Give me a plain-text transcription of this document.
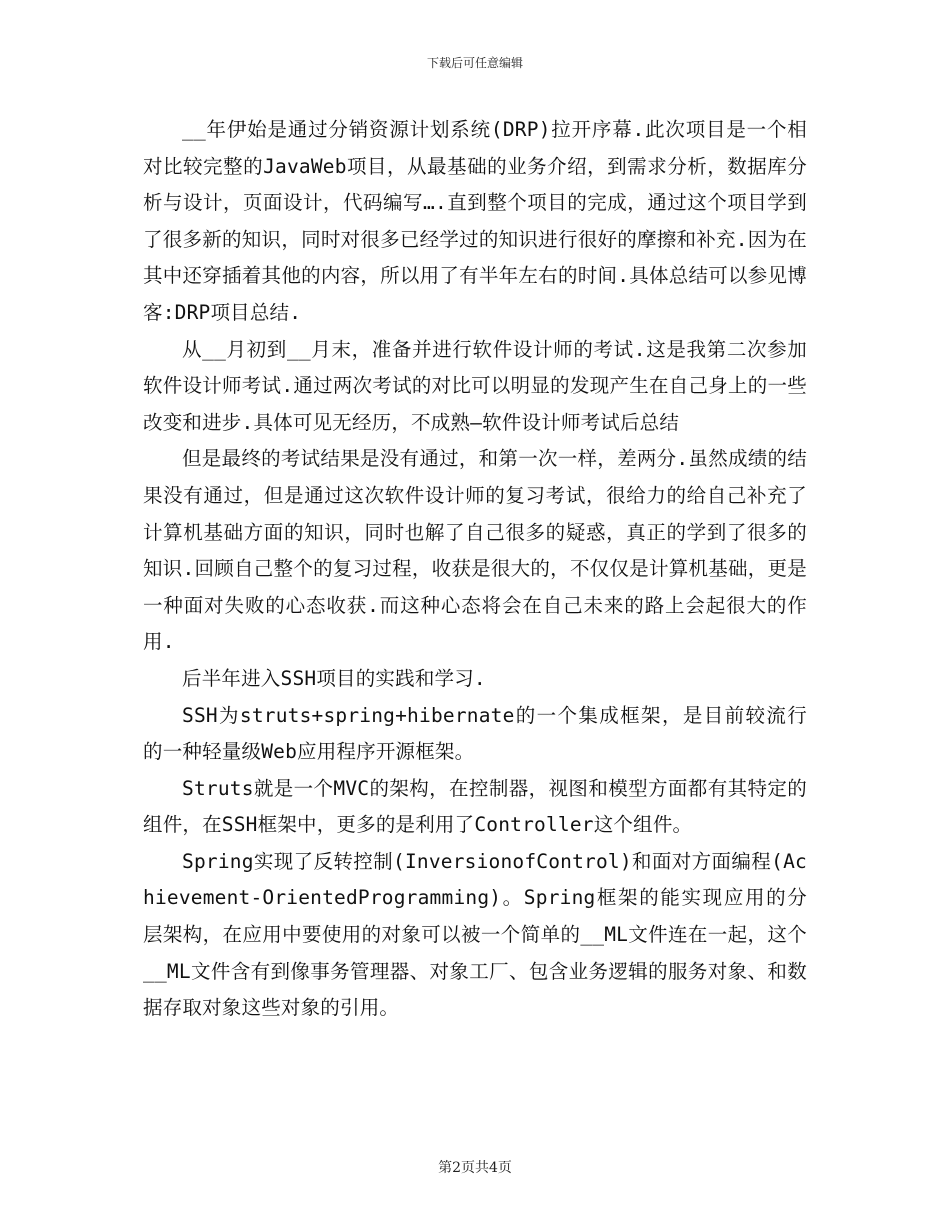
下载后可任意编辑

__年伊始是通过分销资源计划系统(DRP)拉开序幕.此次项目是一个相对比较完整的JavaWeb项目，从最基础的业务介绍，到需求分析，数据库分析与设计，页面设计，代码编写….直到整个项目的完成，通过这个项目学到了很多新的知识，同时对很多已经学过的知识进行很好的摩擦和补充.因为在其中还穿插着其他的内容，所以用了有半年左右的时间.具体总结可以参见博客:DRP项目总结.

从__月初到__月末，准备并进行软件设计师的考试.这是我第二次参加软件设计师考试.通过两次考试的对比可以明显的发现产生在自己身上的一些改变和进步.具体可见无经历，不成熟—软件设计师考试后总结

但是最终的考试结果是没有通过，和第一次一样，差两分.虽然成绩的结果没有通过，但是通过这次软件设计师的复习考试，很给力的给自己补充了计算机基础方面的知识，同时也解了自己很多的疑惑，真正的学到了很多的知识.回顾自己整个的复习过程，收获是很大的，不仅仅是计算机基础，更是一种面对失败的心态收获.而这种心态将会在自己未来的路上会起很大的作用.

后半年进入SSH项目的实践和学习.

SSH为struts+spring+hibernate的一个集成框架，是目前较流行的一种轻量级Web应用程序开源框架。

Struts就是一个MVC的架构，在控制器，视图和模型方面都有其特定的组件，在SSH框架中，更多的是利用了Controller这个组件。

Spring实现了反转控制(InversionofControl)和面对方面编程(Achievement-OrientedProgramming)。Spring框架的能实现应用的分层架构，在应用中要使用的对象可以被一个简单的__ML文件连在一起，这个__ML文件含有到像事务管理器、对象工厂、包含业务逻辑的服务对象、和数据存取对象这些对象的引用。

第2页共4页
